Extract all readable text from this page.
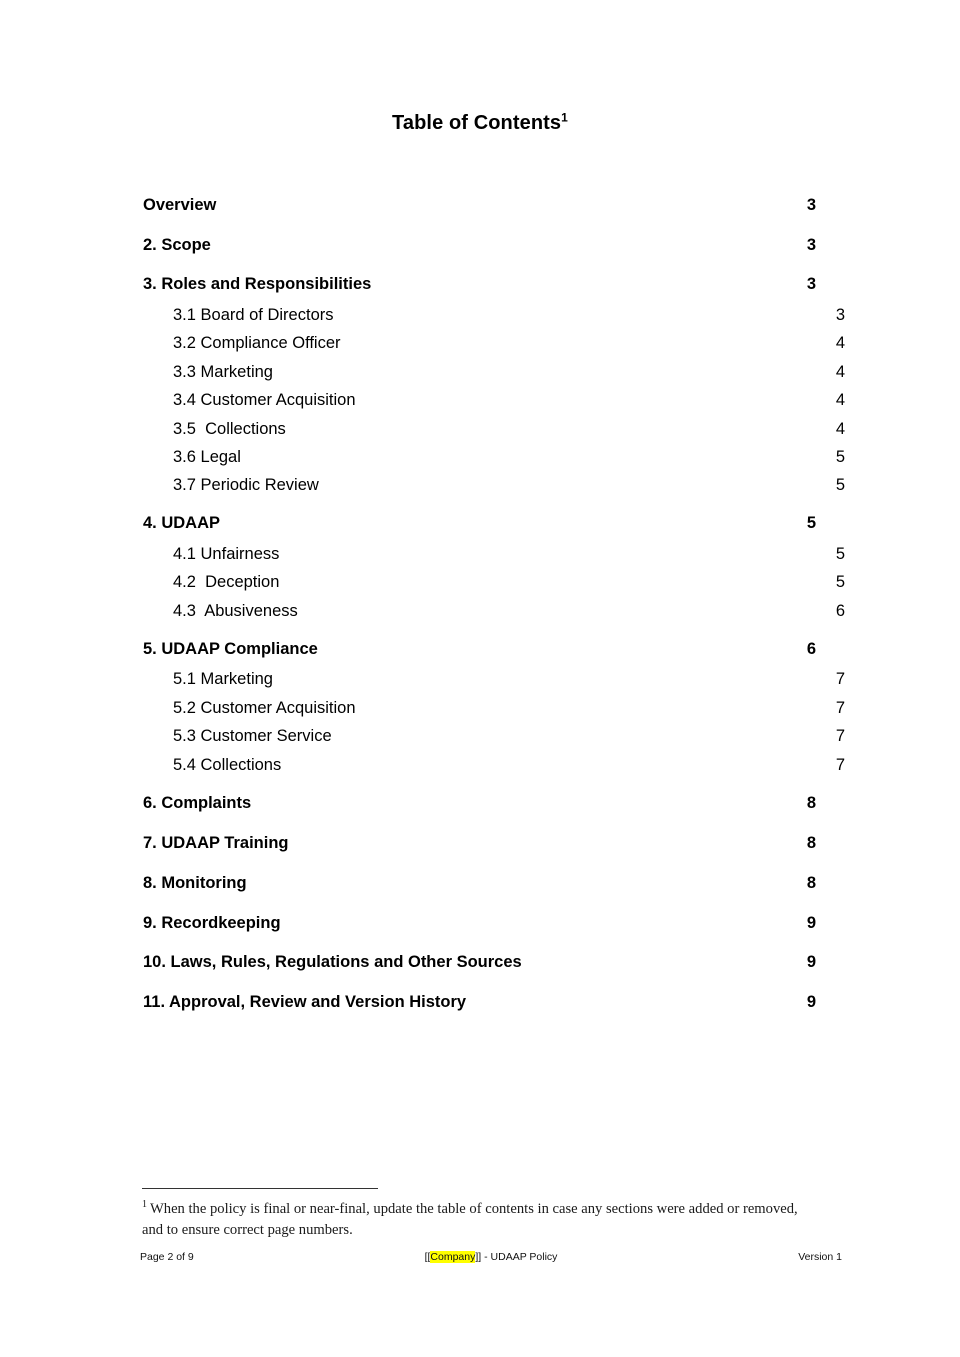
Table of Contents$^1$
Overview	3
2. Scope	3
3. Roles and Responsibilities	3
3.1 Board of Directors	3
3.2 Compliance Officer	4
3.3 Marketing	4
3.4 Customer Acquisition	4
3.5  Collections	4
3.6 Legal	5
3.7 Periodic Review	5
4. UDAAP	5
4.1 Unfairness	5
4.2  Deception	5
4.3  Abusiveness	6
5. UDAAP Compliance	6
5.1 Marketing	7
5.2 Customer Acquisition	7
5.3 Customer Service	7
5.4 Collections	7
6. Complaints	8
7. UDAAP Training	8
8. Monitoring	8
9. Recordkeeping	9
10. Laws, Rules, Regulations and Other Sources	9
11. Approval, Review and Version History	9
$^1$ When the policy is final or near-final, update the table of contents in case any sections were added or removed, and to ensure correct page numbers.
Page 2 of 9	[[Company]] - UDAAP Policy	Version 1
